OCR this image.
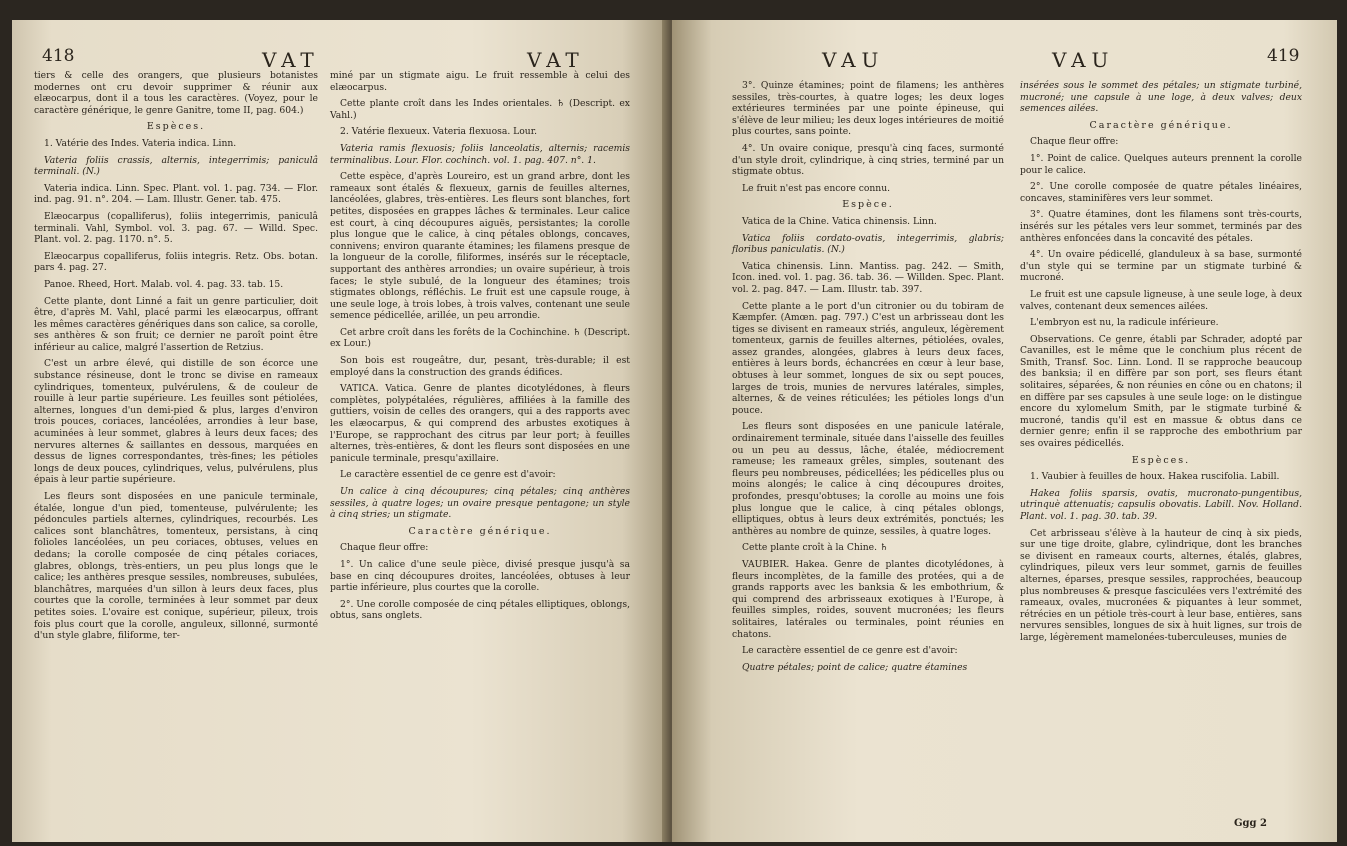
418	VAT	VAT

tiers & celle des orangers, que plusieurs botanistes modernes ont cru devoir supprimer & réunir aux elæocarpus, dont il a tous les caractères. (Voyez, pour le caractère générique, le genre Ganitre, tome II, pag. 604.)

Espèces.

1. Vatérie des Indes. Vateria indica. Linn.

Vateria foliis crassis, alternis, integerrimis; paniculâ terminali. (N.)

Vateria indica. Linn. Spec. Plant. vol. 1. pag. 734. — Flor. ind. pag. 91. n°. 204. — Lam. Illustr. Gener. tab. 475.

Elæocarpus (copalliferus), foliis integerrimis, paniculâ terminali. Vahl, Symbol. vol. 3. pag. 67. — Willd. Spec. Plant. vol. 2. pag. 1170. n°. 5.

Elæocarpus copalliferus, foliis integris. Retz. Obs. botan. pars 4. pag. 27.

Panoe. Rheed, Hort. Malab. vol. 4. pag. 33. tab. 15.

Cette plante, dont Linné a fait un genre particulier, doit être, d'après M. Vahl, placé parmi les elæocarpus, offrant les mêmes caractères génériques dans son calice, sa corolle, ses anthères & son fruit; ce dernier ne paroît point être inférieur au calice, malgré l'assertion de Retzius.

C'est un arbre élevé, qui distille de son écorce une substance résineuse, dont le tronc se divise en rameaux cylindriques, tomenteux, pulvérulens, & de couleur de rouille à leur partie supérieure. Les feuilles sont pétiolées, alternes, longues d'un demi-pied & plus, larges d'environ trois pouces, coriaces, lancéolées, arrondies à leur base, acuminées à leur sommet, glabres à leurs deux faces; des nervures alternes & saillantes en dessous, marquées en dessus de lignes correspondantes, très-fines; les pétioles longs de deux pouces, cylindriques, velus, pulvérulens, plus épais à leur partie supérieure.

Les fleurs sont disposées en une panicule terminale, étalée, longue d'un pied, tomenteuse, pulvérulente; les pédoncules partiels alternes, cylindriques, recourbés. Les calices sont blanchâtres, tomenteux, persistans, à cinq folioles lancéolées, un peu coriaces, obtuses, velues en dedans; la corolle composée de cinq pétales coriaces, glabres, oblongs, très-entiers, un peu plus longs que le calice; les anthères presque sessiles, nombreuses, subulées, blanchâtres, marquées d'un sillon à leurs deux faces, plus courtes que la corolle, terminées à leur sommet par deux petites soies. L'ovaire est conique, supérieur, pileux, trois fois plus court que la corolle, anguleux, sillonné, surmonté d'un style glabre, filiforme, ter-

miné par un stigmate aigu. Le fruit ressemble à celui des elæocarpus.

Cette plante croît dans les Indes orientales. ♄ (Descript. ex Vahl.)

2. Vatérie flexueux. Vateria flexuosa. Lour.

Vateria ramis flexuosis; foliis lanceolatis, alternis; racemis terminalibus. Lour. Flor. cochinch. vol. 1. pag. 407. n°. 1.

Cette espèce, d'après Loureiro, est un grand arbre, dont les rameaux sont étalés & flexueux, garnis de feuilles alternes, lancéolées, glabres, très-entières. Les fleurs sont blanches, fort petites, disposées en grappes lâches & terminales. Leur calice est court, à cinq découpures aiguës, persistantes; la corolle plus longue que le calice, à cinq pétales oblongs, concaves, connivens; environ quarante étamines; les filamens presque de la longueur de la corolle, filiformes, insérés sur le réceptacle, supportant des anthères arrondies; un ovaire supérieur, à trois faces; le style subulé, de la longueur des étamines; trois stigmates oblongs, réfléchis. Le fruit est une capsule rouge, à une seule loge, à trois lobes, à trois valves, contenant une seule semence pédicellée, arillée, un peu arrondie.

Cet arbre croît dans les forêts de la Cochinchine. ♄ (Descript. ex Lour.)

Son bois est rougeâtre, dur, pesant, très-durable; il est employé dans la construction des grands édifices.

VATICA. Vatica. Genre de plantes dicotylédones, à fleurs complètes, polypétalées, régulières, affiliées à la famille des guttiers, voisin de celles des orangers, qui a des rapports avec les elæocarpus, & qui comprend des arbustes exotiques à l'Europe, se rapprochant des citrus par leur port; à feuilles alternes, très-entières, & dont les fleurs sont disposées en une panicule terminale, presqu'axillaire.

Le caractère essentiel de ce genre est d'avoir:

Un calice à cinq découpures; cinq pétales; cinq anthères sessiles, à quatre loges; un ovaire presque pentagone; un style à cinq stries; un stigmate.

Caractère générique.

Chaque fleur offre:

1°. Un calice d'une seule pièce, divisé presque jusqu'à sa base en cinq découpures droites, lancéolées, obtuses à leur partie inférieure, plus courtes que la corolle.

2°. Une corolle composée de cinq pétales elliptiques, oblongs, obtus, sans onglets.

VAU	VAU	419

3°. Quinze étamines; point de filamens; les anthères sessiles, très-courtes, à quatre loges; les deux loges extérieures terminées par une pointe épineuse, qui s'élève de leur milieu; les deux loges intérieures de moitié plus courtes, sans pointe.

4°. Un ovaire conique, presqu'à cinq faces, surmonté d'un style droit, cylindrique, à cinq stries, terminé par un stigmate obtus.

Le fruit n'est pas encore connu.

Espèce.

Vatica de la Chine. Vatica chinensis. Linn.

Vatica foliis cordato-ovatis, integerrimis, glabris; floribus paniculatis. (N.)

Vatica chinensis. Linn. Mantiss. pag. 242. — Smith, Icon. ined. vol. 1. pag. 36. tab. 36. — Willden. Spec. Plant. vol. 2. pag. 847. — Lam. Illustr. tab. 397.

Cette plante a le port d'un citronier ou du tobiram de Kæmpfer. (Amœn. pag. 797.) C'est un arbrisseau dont les tiges se divisent en rameaux striés, anguleux, légèrement tomenteux, garnis de feuilles alternes, pétiolées, ovales, assez grandes, alongées, glabres à leurs deux faces, entières à leurs bords, échancrées en cœur à leur base, obtuses à leur sommet, longues de six ou sept pouces, larges de trois, munies de nervures latérales, simples, alternes, & de veines réticulées; les pétioles longs d'un pouce.

Les fleurs sont disposées en une panicule latérale, ordinairement terminale, située dans l'aisselle des feuilles ou un peu au dessus, lâche, étalée, médiocrement rameuse; les rameaux grêles, simples, soutenant des fleurs peu nombreuses, pédicellées; les pédicelles plus ou moins alongés; le calice à cinq découpures droites, profondes, presqu'obtuses; la corolle au moins une fois plus longue que le calice, à cinq pétales oblongs, elliptiques, obtus à leurs deux extrémités, ponctués; les anthères au nombre de quinze, sessiles, à quatre loges.

Cette plante croît à la Chine. ♄

VAUBIER. Hakea. Genre de plantes dicotylédones, à fleurs incomplètes, de la famille des protées, qui a de grands rapports avec les banksia & les embothrium, & qui comprend des arbrisseaux exotiques à l'Europe, à feuilles simples, roides, souvent mucronées; les fleurs solitaires, latérales ou terminales, point réunies en chatons.

Le caractère essentiel de ce genre est d'avoir:

Quatre pétales; point de calice; quatre étamines

insérées sous le sommet des pétales; un stigmate turbiné, mucroné; une capsule à une loge, à deux valves; deux semences ailées.

Caractère générique.

Chaque fleur offre:

1°. Point de calice. Quelques auteurs prennent la corolle pour le calice.

2°. Une corolle composée de quatre pétales linéaires, concaves, staminifères vers leur sommet.

3°. Quatre étamines, dont les filamens sont très-courts, insérés sur les pétales vers leur sommet, terminés par des anthères enfoncées dans la concavité des pétales.

4°. Un ovaire pédicellé, glanduleux à sa base, surmonté d'un style qui se termine par un stigmate turbiné & mucroné.

Le fruit est une capsule ligneuse, à une seule loge, à deux valves, contenant deux semences ailées.

L'embryon est nu, la radicule inférieure.

Observations. Ce genre, établi par Schrader, adopté par Cavanilles, est le même que le conchium plus récent de Smith, Transf. Soc. Linn. Lond. Il se rapproche beaucoup des banksia; il en diffère par son port, ses fleurs étant solitaires, séparées, & non réunies en cône ou en chatons; il en diffère par ses capsules à une seule loge: on le distingue encore du xylomelum Smith, par le stigmate turbiné & mucroné, tandis qu'il est en massue & obtus dans ce dernier genre; enfin il se rapproche des embothrium par ses ovaires pédicellés.

Espèces.

1. Vaubier à feuilles de houx. Hakea ruscifolia. Labill.

Hakea foliis sparsis, ovatis, mucronato-pungentibus, utrinquè attenuatis; capsulis obovatis. Labill. Nov. Holland. Plant. vol. 1. pag. 30. tab. 39.

Cet arbrisseau s'élève à la hauteur de cinq à six pieds, sur une tige droite, glabre, cylindrique, dont les branches se divisent en rameaux courts, alternes, étalés, glabres, cylindriques, pileux vers leur sommet, garnis de feuilles alternes, éparses, presque sessiles, rapprochées, beaucoup plus nombreuses & presque fasciculées vers l'extrémité des rameaux, ovales, mucronées & piquantes à leur sommet, rétrécies en un pétiole très-court à leur base, entières, sans nervures sensibles, longues de six à huit lignes, sur trois de large, légèrement mamelonées-tuberculeuses, munies de

Ggg 2
